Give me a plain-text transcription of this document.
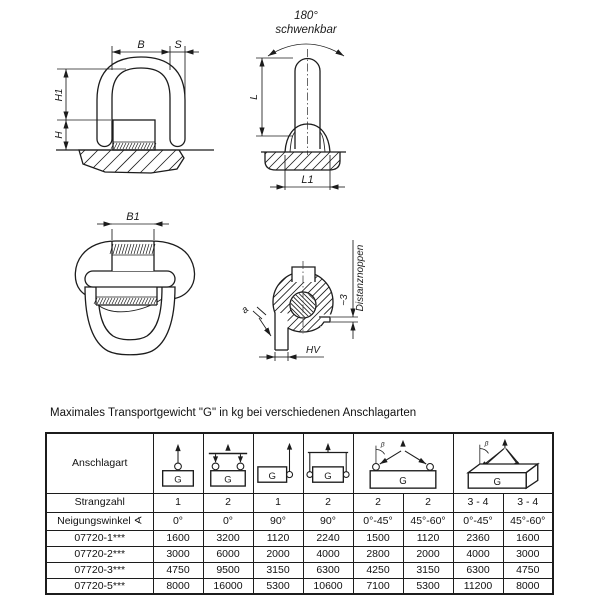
B	S
H1
H
180°
schwenkbar
L
L1
B1
a
HV
~3 Distanznoppen
Maximales Transportgewicht "G" in kg bei verschiedenen Anschlagarten
Anschlagart	G	G	G	G	β
G		β
G	

Strangzahl	1	2	1	2	2	2	3 - 4	3 - 4
Neigungswinkel ∢	0°	0°	90°	90°	0°-45°	45°-60°	0°-45°	45°-60°
07720-1***	1600	3200	1120	2240	1500	1120	2360	1600
07720-2***	3000	6000	2000	4000	2800	2000	4000	3000
07720-3***	4750	9500	3150	6300	4250	3150	6300	4750
07720-5***	8000	16000	5300	10600	7100	5300	11200	8000
